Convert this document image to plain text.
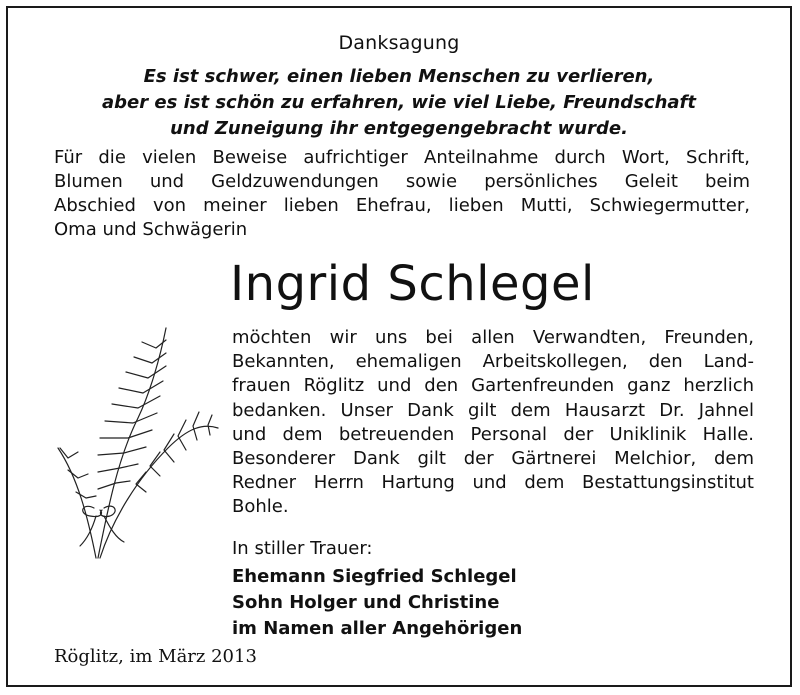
Danksagung
Es ist schwer, einen lieben Menschen zu verlieren,
aber es ist schön zu erfahren, wie viel Liebe, Freundschaft
und Zuneigung ihr entgegengebracht wurde.
Für die vielen Beweise aufrichtiger Anteilnahme durch Wort, Schrift,
Blumen und Geldzuwendungen sowie persönliches Geleit beim
Abschied von meiner lieben Ehefrau, lieben Mutti, Schwiegermutter,
Oma und Schwägerin
Ingrid Schlegel
möchten wir uns bei allen Verwandten, Freunden,
Bekannten, ehemaligen Arbeitskollegen, den Land-
frauen Röglitz und den Gartenfreunden ganz herzlich
bedanken. Unser Dank gilt dem Hausarzt Dr. Jahnel
und dem betreuenden Personal der Uniklinik Halle.
Besonderer Dank gilt der Gärtnerei Melchior, dem
Redner Herrn Hartung und dem Bestattungsinstitut
Bohle.
In stiller Trauer:
Ehemann Siegfried Schlegel
Sohn Holger und Christine
im Namen aller Angehörigen
Röglitz, im März 2013
